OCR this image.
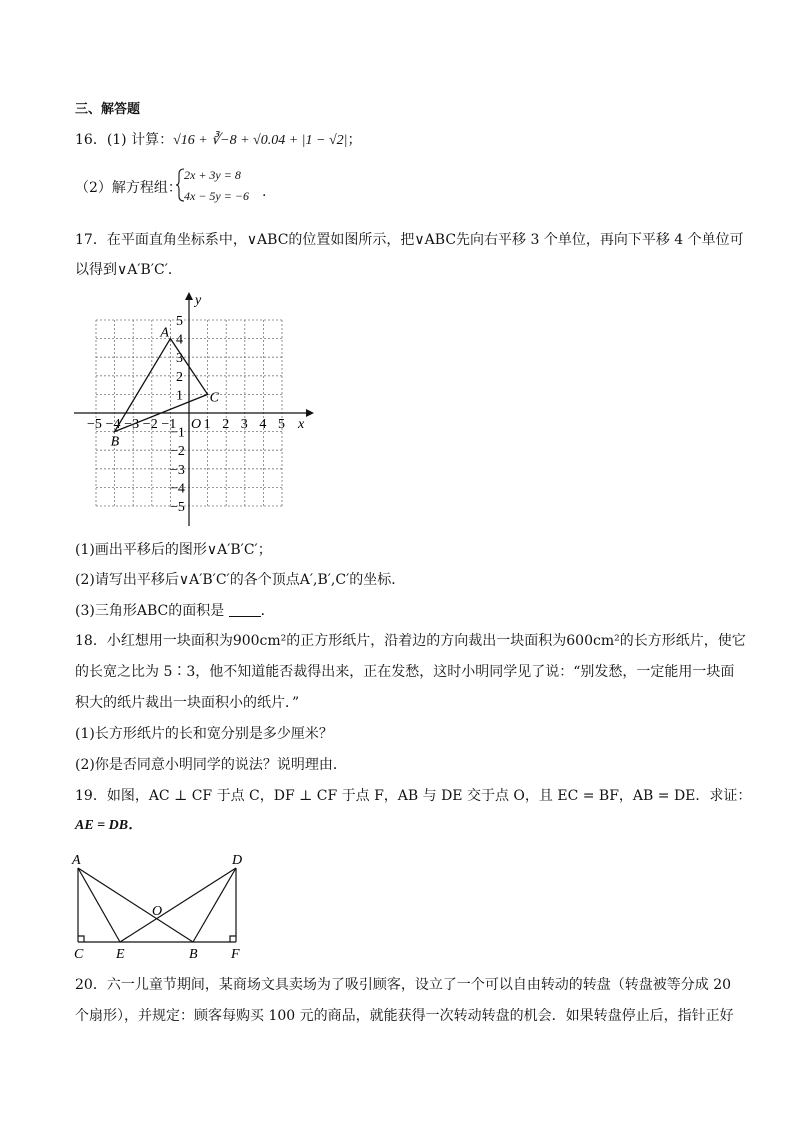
三、解答题
16．(1) 计算：√16 + ∛−8 + √0.04 + |1 − √2|；
（2）解方程组：
2x + 3y = 8
4x − 5y = −6 .
17．在平面直角坐标系中，∨ABC的位置如图所示，把∨ABC先向右平移 3 个单位，再向下平移 4 个单位可
以得到∨A′B′C′．
x
y
O
−5 −4 −3 −2 −1 1 2 3 4 5
5
4
3
2
1
−1
−2
−3
−4
−5
A
B
C
(1)画出平移后的图形∨A′B′C′；
(2)请写出平移后∨A′B′C′的各个顶点A′,B′,C′的坐标．
(3)三角形ABC的面积是	．
18．小红想用一块面积为900cm²的正方形纸片，沿着边的方向裁出一块面积为600cm²的长方形纸片，使它
的长宽之比为 5∶3，他不知道能否裁得出来，正在发愁，这时小明同学见了说：“别发愁，一定能用一块面
积大的纸片裁出一块面积小的纸片．”
(1)长方形纸片的长和宽分别是多少厘米？
(2)你是否同意小明同学的说法？说明理由．
19．如图，AC ⊥ CF 于点 C，DF ⊥ CF 于点 F，AB 与 DE 交于点 O，且 EC = BF，AB = DE．求证：
AE = DB．
A	D
O
C E	B F
20．六一儿童节期间，某商场文具卖场为了吸引顾客，设立了一个可以自由转动的转盘（转盘被等分成 20
个扇形），并规定：顾客每购买 100 元的商品，就能获得一次转动转盘的机会．如果转盘停止后，指针正好
